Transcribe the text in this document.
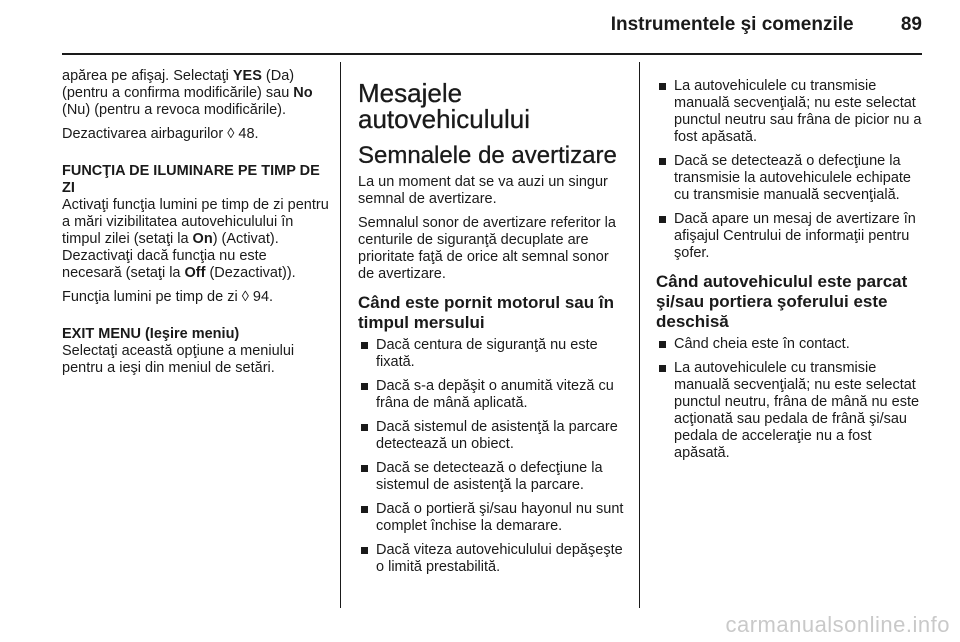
Instrumentele şi comenzile 89

apărea pe afişaj. Selectaţi YES (Da) (pentru a confirma modificările) sau No (Nu) (pentru a revoca modificările).

Dezactivarea airbagurilor ◊ 48.

FUNCŢIA DE ILUMINARE PE TIMP DE ZI

Activaţi funcţia lumini pe timp de zi pentru a mări vizibilitatea autovehiculului în timpul zilei (setaţi la On) (Activat). Dezactivaţi dacă funcţia nu este necesară (setaţi la Off (Dezactivat)).

Funcţia lumini pe timp de zi ◊ 94.

EXIT MENU (Ieşire meniu)

Selectaţi această opţiune a meniului pentru a ieşi din meniul de setări.

Mesajele autovehiculului
Semnalele de avertizare

La un moment dat se va auzi un singur semnal de avertizare.

Semnalul sonor de avertizare referitor la centurile de siguranţă decuplate are prioritate faţă de orice alt semnal sonor de avertizare.

Când este pornit motorul sau în timpul mersului
Dacă centura de siguranţă nu este fixată.
Dacă s-a depăşit o anumită viteză cu frâna de mână aplicată.
Dacă sistemul de asistenţă la parcare detectează un obiect.
Dacă se detectează o defecţiune la sistemul de asistenţă la parcare.
Dacă o portieră şi/sau hayonul nu sunt complet închise la demarare.
Dacă viteza autovehiculului depăşeşte o limită prestabilită.
La autovehiculele cu transmisie manuală secvenţială; nu este selectat punctul neutru sau frâna de picior nu a fost apăsată.
Dacă se detectează o defecţiune la transmisie la autovehiculele echipate cu transmisie manuală secvenţială.
Dacă apare un mesaj de avertizare în afişajul Centrului de informaţii pentru şofer.
Când autovehiculul este parcat şi/sau portiera şoferului este deschisă
Când cheia este în contact.
La autovehiculele cu transmisie manuală secvenţială; nu este selectat punctul neutru, frâna de mână nu este acţionată sau pedala de frână şi/sau pedala de acceleraţie nu a fost apăsată.
carmanualsonline.info
